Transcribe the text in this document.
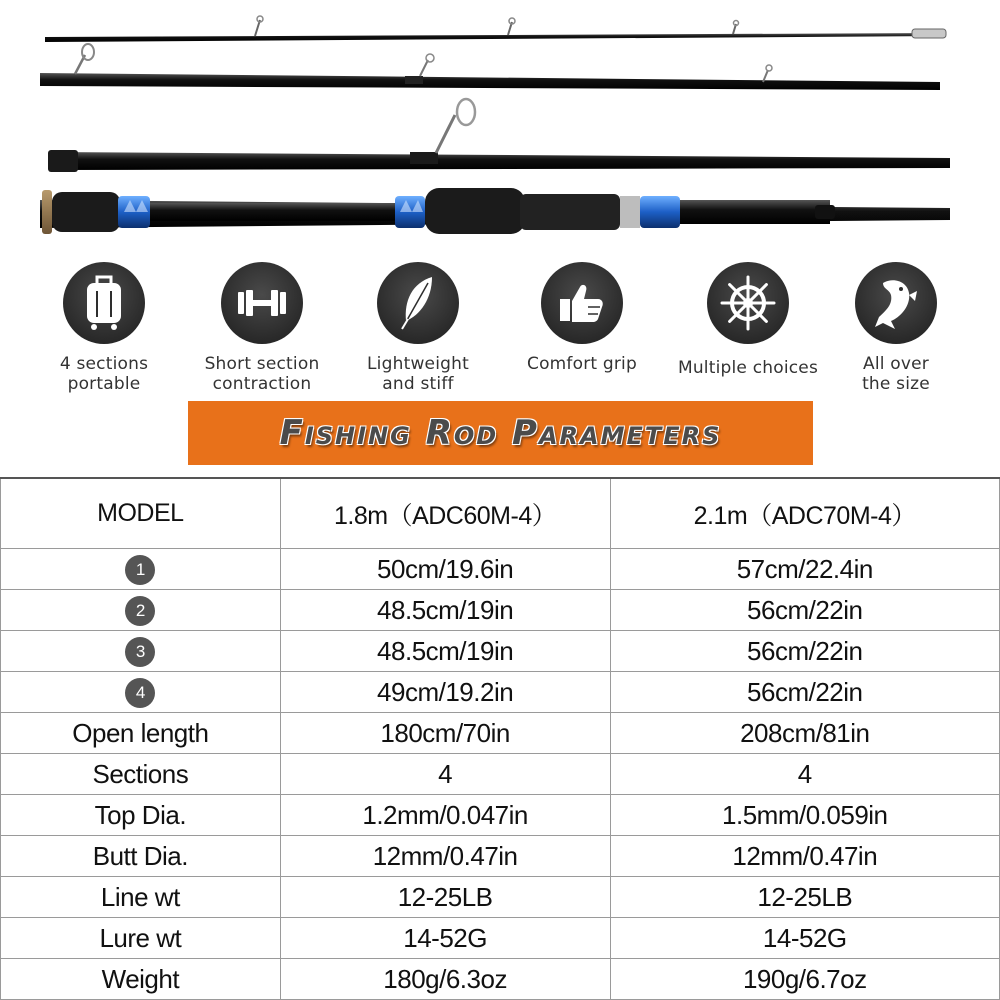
4 sections
portable
Short section
contraction
Lightweight
and stiff
Comfort grip	Multiple choices	All over
the size
Fishing Rod Parameters
MODEL	1.8m（ADC60M-4）	2.1m（ADC70M-4）
1	50cm/19.6in	57cm/22.4in
2	48.5cm/19in	56cm/22in
3	48.5cm/19in	56cm/22in
4	49cm/19.2in	56cm/22in
Open length	180cm/70in	208cm/81in
Sections	4	4
Top Dia.	1.2mm/0.047in	1.5mm/0.059in
Butt Dia.	12mm/0.47in	12mm/0.47in
Line wt	12-25LB	12-25LB
Lure wt	14-52G	14-52G
Weight	180g/6.3oz	190g/6.7oz
